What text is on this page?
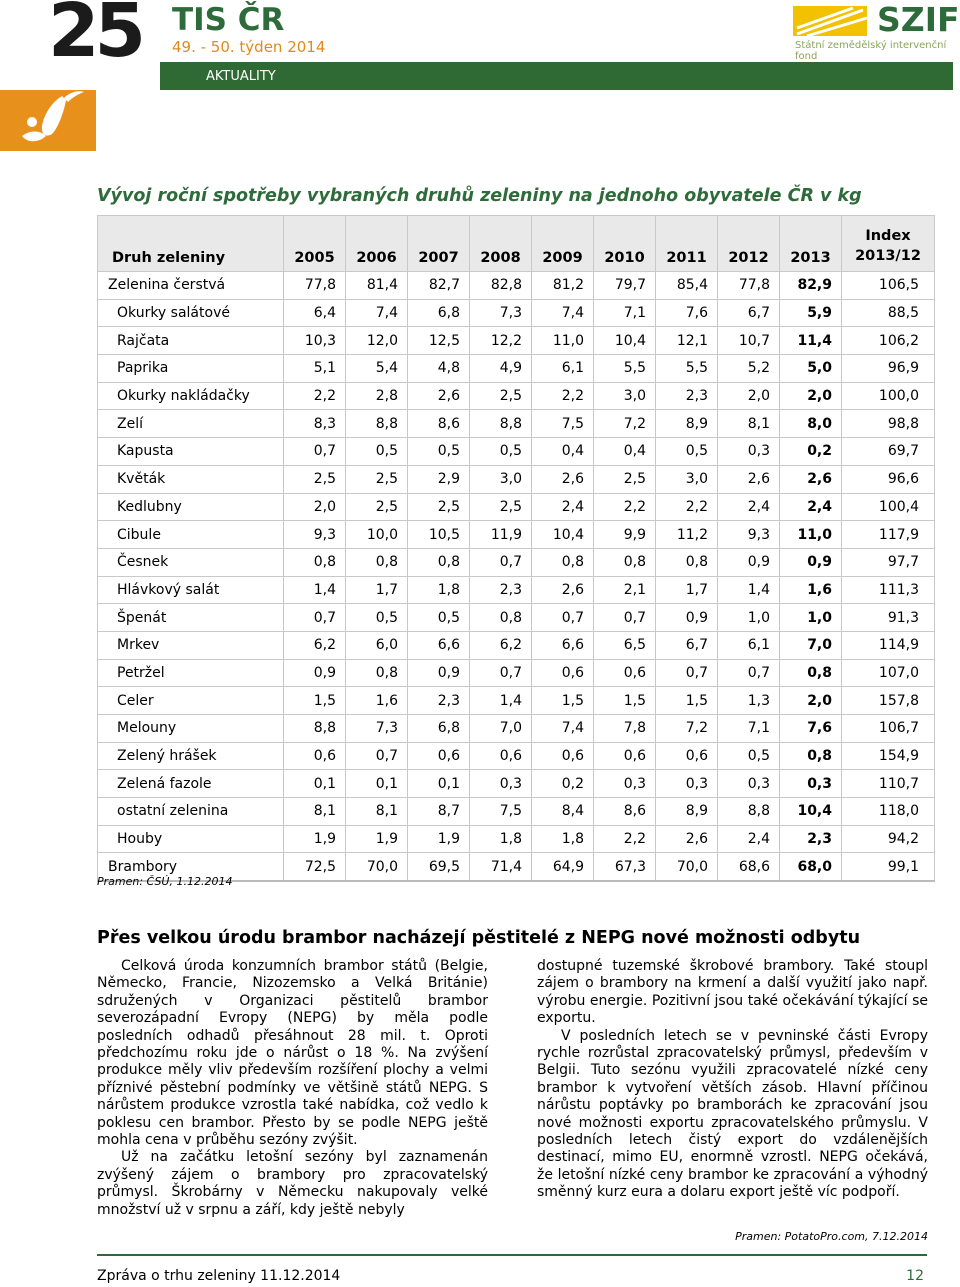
25 TIS ČR
49. - 50. týden 2014
AKTUALITY
SZIF
Státní zemědělský intervenční fond
Vývoj roční spotřeby vybraných druhů zeleniny na jednoho obyvatele ČR v kg
Druh zeleniny	2005	2006	2007	2008	2009	2010	2011	2012	2013	Index
2013/12
Zelenina čerstvá	77,8	81,4	82,7	82,8	81,2	79,7	85,4	77,8	82,9	106,5
Okurky salátové	6,4	7,4	6,8	7,3	7,4	7,1	7,6	6,7	5,9	88,5
Rajčata	10,3	12,0	12,5	12,2	11,0	10,4	12,1	10,7	11,4	106,2
Paprika	5,1	5,4	4,8	4,9	6,1	5,5	5,5	5,2	5,0	96,9
Okurky nakládačky	2,2	2,8	2,6	2,5	2,2	3,0	2,3	2,0	2,0	100,0
Zelí	8,3	8,8	8,6	8,8	7,5	7,2	8,9	8,1	8,0	98,8
Kapusta	0,7	0,5	0,5	0,5	0,4	0,4	0,5	0,3	0,2	69,7
Květák	2,5	2,5	2,9	3,0	2,6	2,5	3,0	2,6	2,6	96,6
Kedlubny	2,0	2,5	2,5	2,5	2,4	2,2	2,2	2,4	2,4	100,4
Cibule	9,3	10,0	10,5	11,9	10,4	9,9	11,2	9,3	11,0	117,9
Česnek	0,8	0,8	0,8	0,7	0,8	0,8	0,8	0,9	0,9	97,7
Hlávkový salát	1,4	1,7	1,8	2,3	2,6	2,1	1,7	1,4	1,6	111,3
Špenát	0,7	0,5	0,5	0,8	0,7	0,7	0,9	1,0	1,0	91,3
Mrkev	6,2	6,0	6,6	6,2	6,6	6,5	6,7	6,1	7,0	114,9
Petržel	0,9	0,8	0,9	0,7	0,6	0,6	0,7	0,7	0,8	107,0
Celer	1,5	1,6	2,3	1,4	1,5	1,5	1,5	1,3	2,0	157,8
Melouny	8,8	7,3	6,8	7,0	7,4	7,8	7,2	7,1	7,6	106,7
Zelený hrášek	0,6	0,7	0,6	0,6	0,6	0,6	0,6	0,5	0,8	154,9
Zelená fazole	0,1	0,1	0,1	0,3	0,2	0,3	0,3	0,3	0,3	110,7
ostatní zelenina	8,1	8,1	8,7	7,5	8,4	8,6	8,9	8,8	10,4	118,0
Houby	1,9	1,9	1,9	1,8	1,8	2,2	2,6	2,4	2,3	94,2
Brambory	72,5	70,0	69,5	71,4	64,9	67,3	70,0	68,6	68,0	99,1
Pramen: ČSÚ, 1.12.2014
Přes velkou úrodu brambor nacházejí pěstitelé z NEPG nové možnosti odbytu

Celková úroda konzumních brambor států (Belgie, Německo, Francie, Nizozemsko a Velká Británie) sdružených v Organizaci pěstitelů brambor severozápadní Evropy (NEPG) by měla podle posledních odhadů přesáhnout 28 mil. t. Oproti předchozímu roku jde o nárůst o 18 %. Na zvýšení produkce měly vliv především rozšíření plochy a velmi příznivé pěstební podmínky ve většině států NEPG. S nárůstem produkce vzrostla také nabídka, což vedlo k poklesu cen brambor. Přesto by se podle NEPG ještě mohla cena v průběhu sezóny zvýšit.

Už na začátku letošní sezóny byl zaznamenán zvýšený zájem o brambory pro zpracovatelský průmysl. Škrobárny v Německu nakupovaly velké množství už v srpnu a září, kdy ještě nebyly

dostupné tuzemské škrobové brambory. Také stoupl zájem o brambory na krmení a další využití jako např. výrobu energie. Pozitivní jsou také očekávání týkající se exportu.

V posledních letech se v pevninské části Evropy rychle rozrůstal zpracovatelský průmysl, především v Belgii. Tuto sezónu využili zpracovatelé nízké ceny brambor k vytvoření větších zásob. Hlavní příčinou nárůstu poptávky po bramborách ke zpracování jsou nové možnosti exportu zpracovatelského průmyslu. V posledních letech čistý export do vzdálenějších destinací, mimo EU, enormně vzrostl. NEPG očekává, že letošní nízké ceny brambor ke zpracování a výhodný směnný kurz eura a dolaru export ještě víc podpoří.

Pramen: PotatoPro.com, 7.12.2014
Zpráva o trhu zeleniny 11.12.2014	12
